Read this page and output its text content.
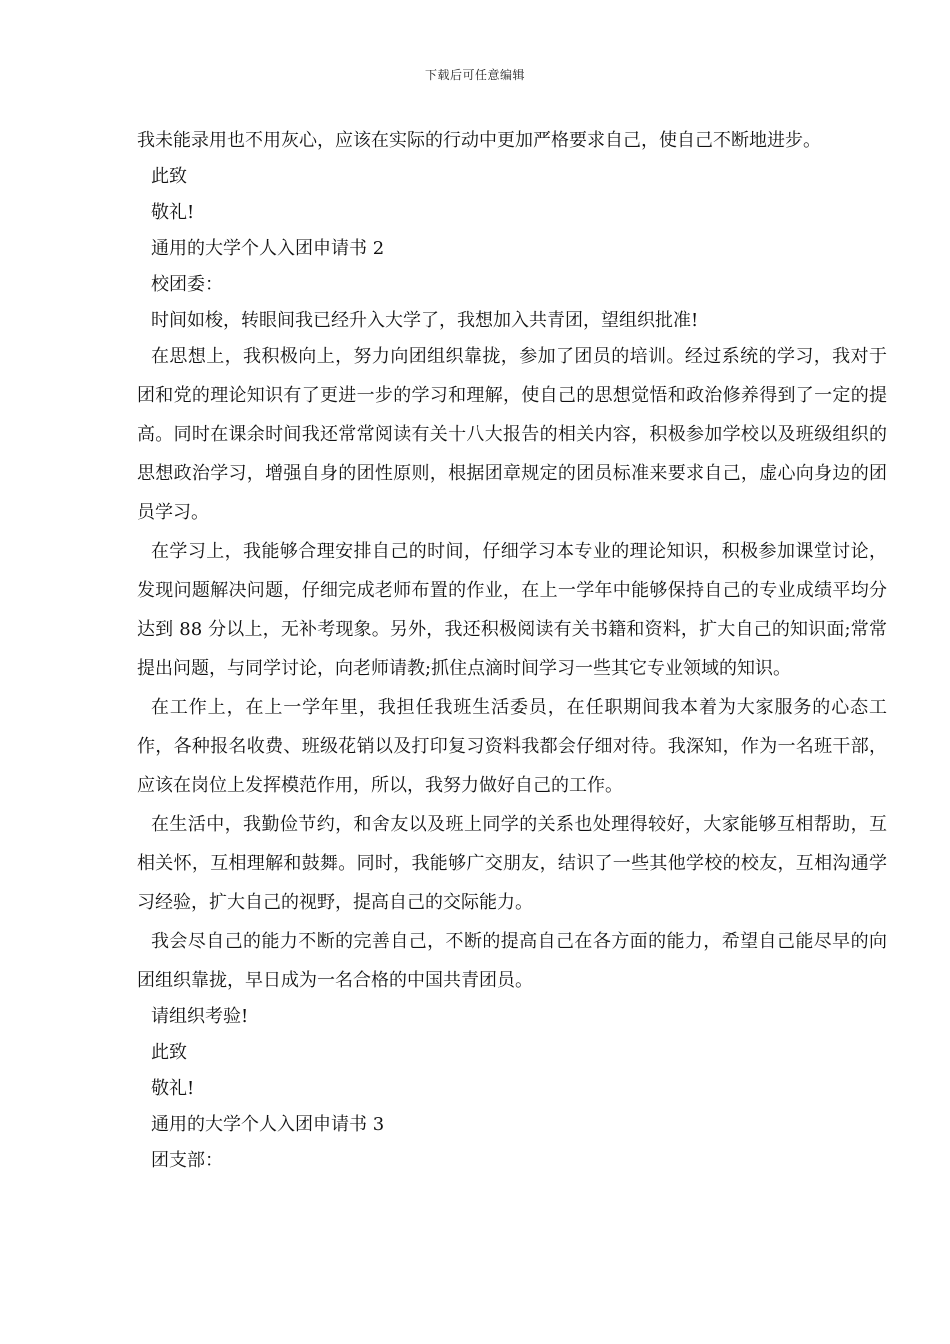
下载后可任意编辑

我未能录用也不用灰心，应该在实际的行动中更加严格要求自己，使自己不断地进步。

此致

敬礼!

通用的大学个人入团申请书 2

校团委：

时间如梭，转眼间我已经升入大学了，我想加入共青团，望组织批准!

在思想上，我积极向上，努力向团组织靠拢，参加了团员的培训。经过系统的学习，我对于团和党的理论知识有了更进一步的学习和理解，使自己的思想觉悟和政治修养得到了一定的提高。同时在课余时间我还常常阅读有关十八大报告的相关内容，积极参加学校以及班级组织的思想政治学习，增强自身的团性原则，根据团章规定的团员标准来要求自己，虚心向身边的团员学习。

在学习上，我能够合理安排自己的时间，仔细学习本专业的理论知识，积极参加课堂讨论，发现问题解决问题，仔细完成老师布置的作业，在上一学年中能够保持自己的专业成绩平均分达到 88 分以上，无补考现象。另外，我还积极阅读有关书籍和资料，扩大自己的知识面;常常提出问题，与同学讨论，向老师请教;抓住点滴时间学习一些其它专业领域的知识。

在工作上，在上一学年里，我担任我班生活委员，在任职期间我本着为大家服务的心态工作，各种报名收费、班级花销以及打印复习资料我都会仔细对待。我深知，作为一名班干部，应该在岗位上发挥模范作用，所以，我努力做好自己的工作。

在生活中，我勤俭节约，和舍友以及班上同学的关系也处理得较好，大家能够互相帮助，互相关怀，互相理解和鼓舞。同时，我能够广交朋友，结识了一些其他学校的校友，互相沟通学习经验，扩大自己的视野，提高自己的交际能力。

我会尽自己的能力不断的完善自己，不断的提高自己在各方面的能力，希望自己能尽早的向团组织靠拢，早日成为一名合格的中国共青团员。

请组织考验!

此致

敬礼!

通用的大学个人入团申请书 3

团支部：
